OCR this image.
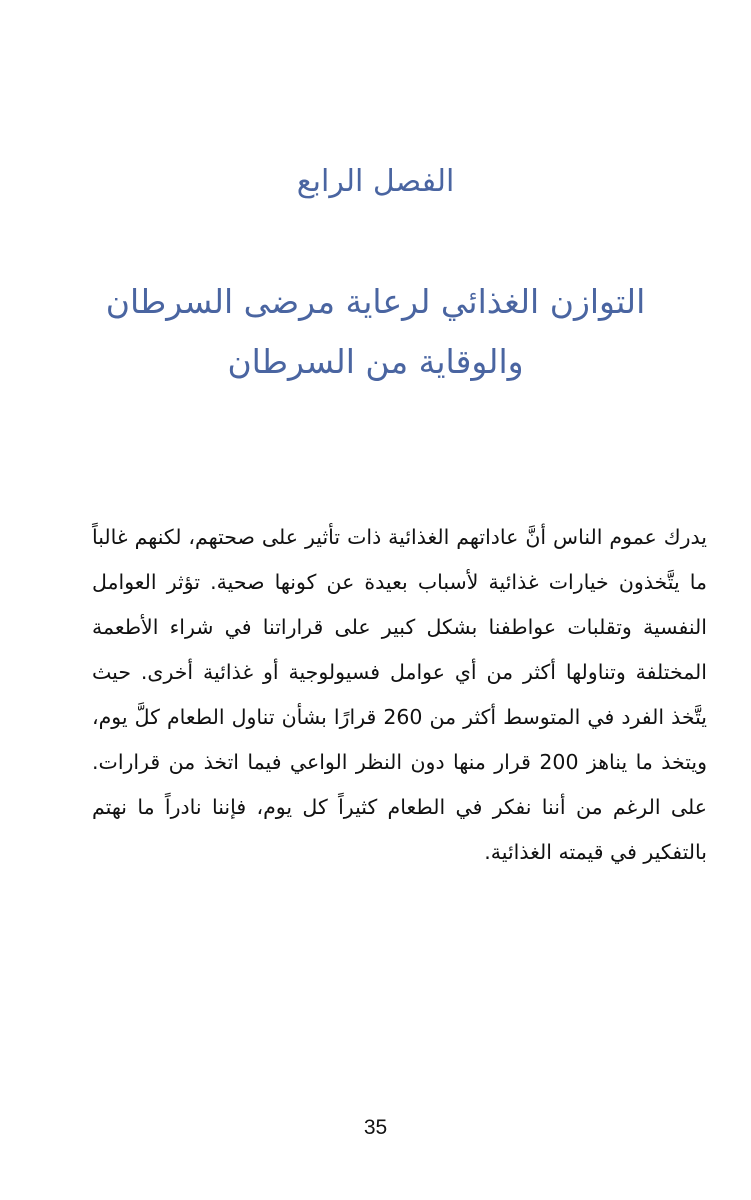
الفصل الرابع
التوازن الغذائي لرعاية مرضى السرطان والوقاية من السرطان

يدرك عموم الناس أنَّ عاداتهم الغذائية ذات تأثير على صحتهم، لكنهم غالباً ما يتَّخذون خيارات غذائية لأسباب بعيدة عن كونها صحية. تؤثر العوامل النفسية وتقلبات عواطفنا بشكل كبير على قراراتنا في شراء الأطعمة المختلفة وتناولها أكثر من أي عوامل فسيولوجية أو غذائية أخرى. حيث يتَّخذ الفرد في المتوسط أكثر من 260 قرارًا بشأن تناول الطعام كلَّ يوم، ويتخذ ما يناهز 200 قرار منها دون النظر الواعي فيما اتخذ من قرارات. على الرغم من أننا نفكر في الطعام كثيراً كل يوم، فإننا نادراً ما نهتم بالتفكير في قيمته الغذائية.

35
